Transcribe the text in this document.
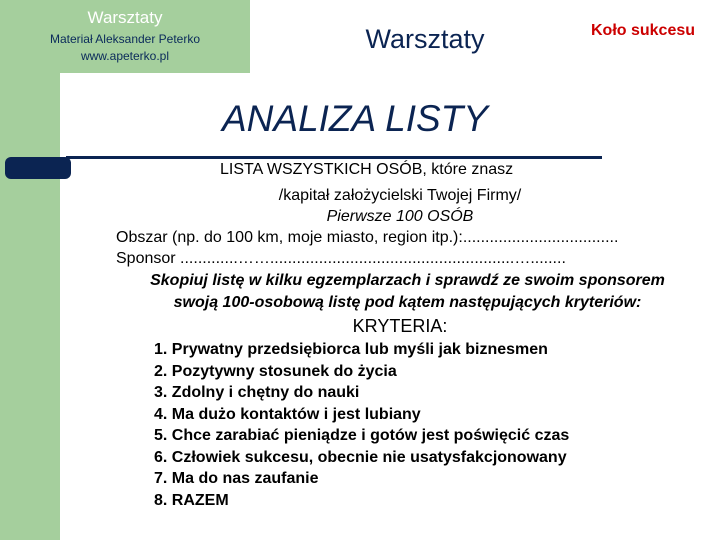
Warsztaty
Materiał Aleksander Peterko
www.apeterko.pl
Warsztaty	Koło sukcesu
ANALIZA LISTY
LISTA WSZYSTKICH OSÓB, które znasz
/kapitał założycielski Twojej Firmy/
Pierwsze 100 OSÓB
Obszar (np. do 100 km, moje miasto, region itp.):...................................
Sponsor .............…….......................................................…........
Skopiuj listę w kilku egzemplarzach i sprawdź ze swoim sponsorem
swoją 100-osobową listę pod kątem następujących kryteriów:
KRYTERIA:
1. Prywatny przedsiębiorca lub myśli jak biznesmen
2. Pozytywny stosunek do życia
3. Zdolny i chętny do nauki
4. Ma dużo kontaktów i jest lubiany
5. Chce zarabiać pieniądze i gotów jest poświęcić czas
6. Człowiek sukcesu, obecnie nie usatysfakcjonowany
7. Ma do nas zaufanie
8. RAZEM
